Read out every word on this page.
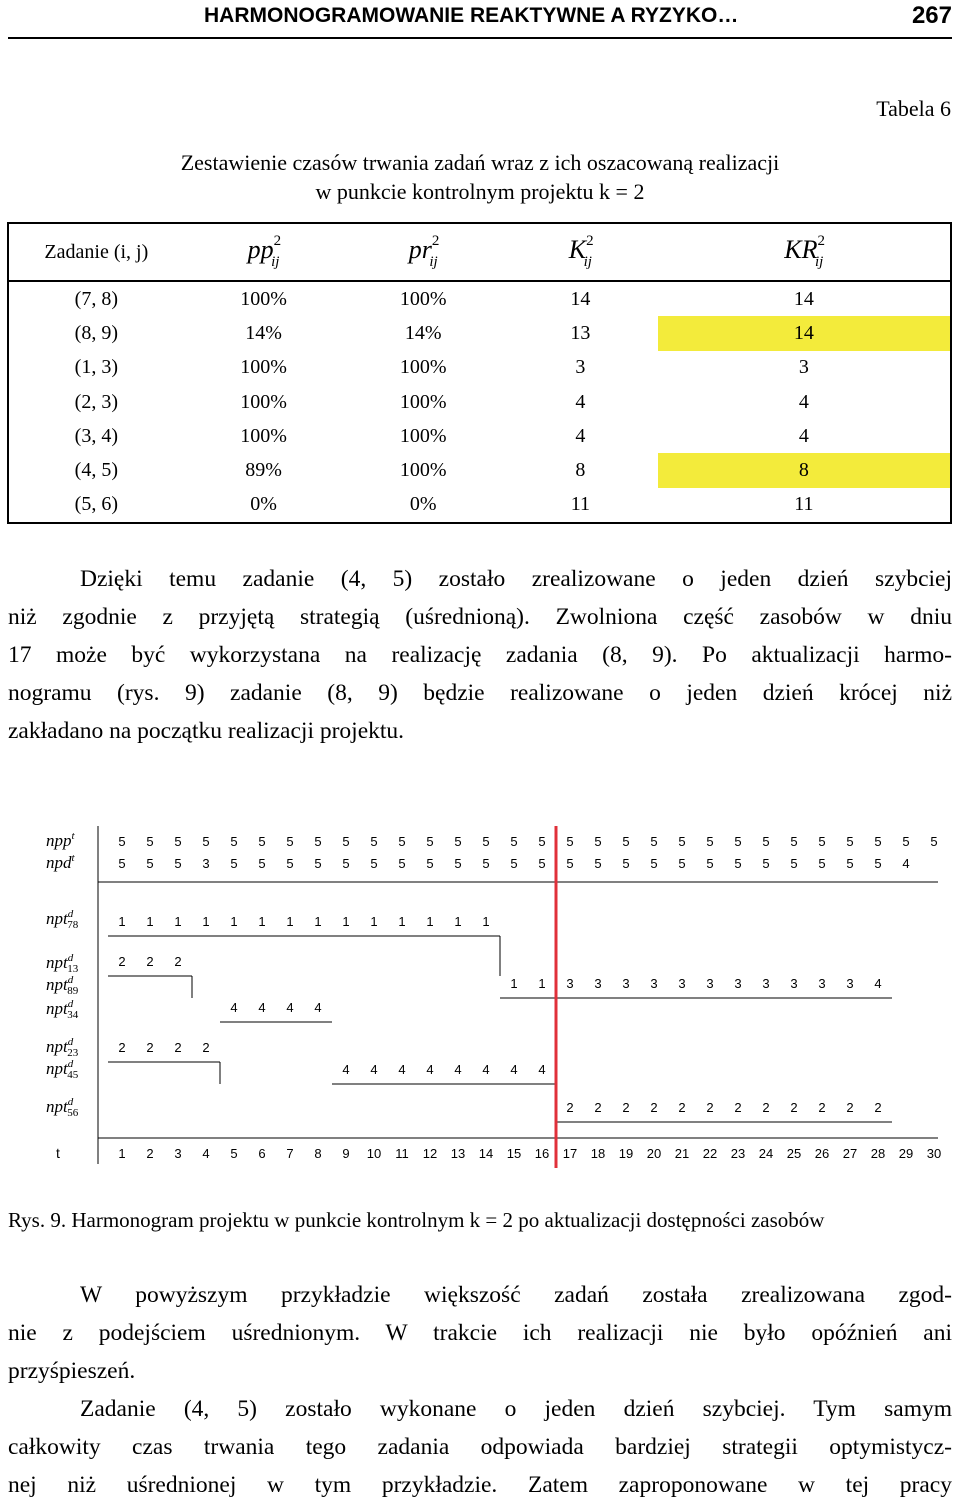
HARMONOGRAMOWANIE REAKTYWNE A RYZYKO…	267
Tabela 6
Zestawienie czasów trwania zadań wraz z ich oszacowaną realizacji
w punkcie kontrolnym projektu k = 2
Zadanie (i, j)	$pp^2_{ij}$	$pr^2_{ij}$	$K^2_{ij}$	$KR^2_{ij}$
(7, 8)	100%	100%	14	14
(8, 9)	14%	14%	13	14
(1, 3)	100%	100%	3	3
(2, 3)	100%	100%	4	4
(3, 4)	100%	100%	4	4
(4, 5)	89%	100%	8	8
(5, 6)	0%	0%	11	11
Dzięki temu zadanie (4, 5) zostało zrealizowane o jeden dzień szybciej
niż zgodnie z przyjętą strategią (uśrednioną). Zwolniona część zasobów w dniu
17 może być wykorzystana na realizację zadania (8, 9). Po aktualizacji harmo-
nogramu (rys. 9) zadanie (8, 9) będzie realizowane o jeden dzień krócej niż
zakładano na początku realizacji projektu.
npp$^t$	5 5 5 5 5 5 5 5 5 5 5 5 5 5 5 5 5 5 5 5 5 5 5 5 5 5 5 5 5 5
npd$^t$	5 5 5 3 5 5 5 5 5 5 5 5 5 5 5 5 5 5 5 5 5 5 5 5 5 5 5 5 4
npt$^d$ 78	1 1 1 1 1 1 1 1 1 1 1 1 1 1
npt$^d$ 13	2 2 2
npt$^d$ 89	1 1 3 3 3 3 3 3 3 3 3 3 3 4
npt$^d$ 34	4 4 4 4
npt$^d$ 23	2 2 2 2
npt$^d$ 45	4 4 4 4 4 4 4 4
npt$^d$ 56	2 2 2 2 2 2 2 2 2 2 2 2
t	1 2 3 4 5 6 7 8 9 10 11 12 13 14 15 16 17 18 19 20 21 22 23 24 25 26 27 28 29 30
Rys. 9. Harmonogram projektu w punkcie kontrolnym k = 2 po aktualizacji dostępności zasobów
W powyższym przykładzie większość zadań została zrealizowana zgod-
nie z podejściem uśrednionym. W trakcie ich realizacji nie było opóźnień ani
przyśpieszeń.
Zadanie (4, 5) zostało wykonane o jeden dzień szybciej. Tym samym
całkowity czas trwania tego zadania odpowiada bardziej strategii optymistycz-
nej niż uśrednionej w tym przykładzie. Zatem zaproponowane w tej pracy
